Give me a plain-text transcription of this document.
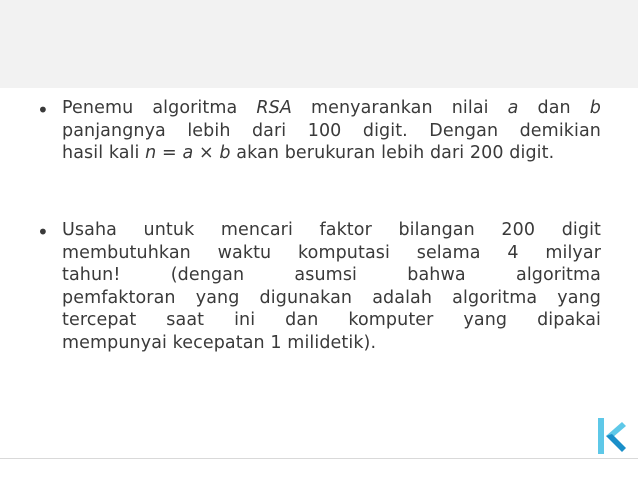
• Penemu algoritma RSA menyarankan nilai a dan b
panjangnya lebih dari 100 digit. Dengan demikian
hasil kali n = a × b akan berukuran lebih dari 200 digit.
• Usaha untuk mencari faktor bilangan 200 digit
membutuhkan waktu komputasi selama 4 milyar
tahun! (dengan asumsi bahwa algoritma
pemfaktoran yang digunakan adalah algoritma yang
tercepat saat ini dan komputer yang dipakai
mempunyai kecepatan 1 milidetik).
